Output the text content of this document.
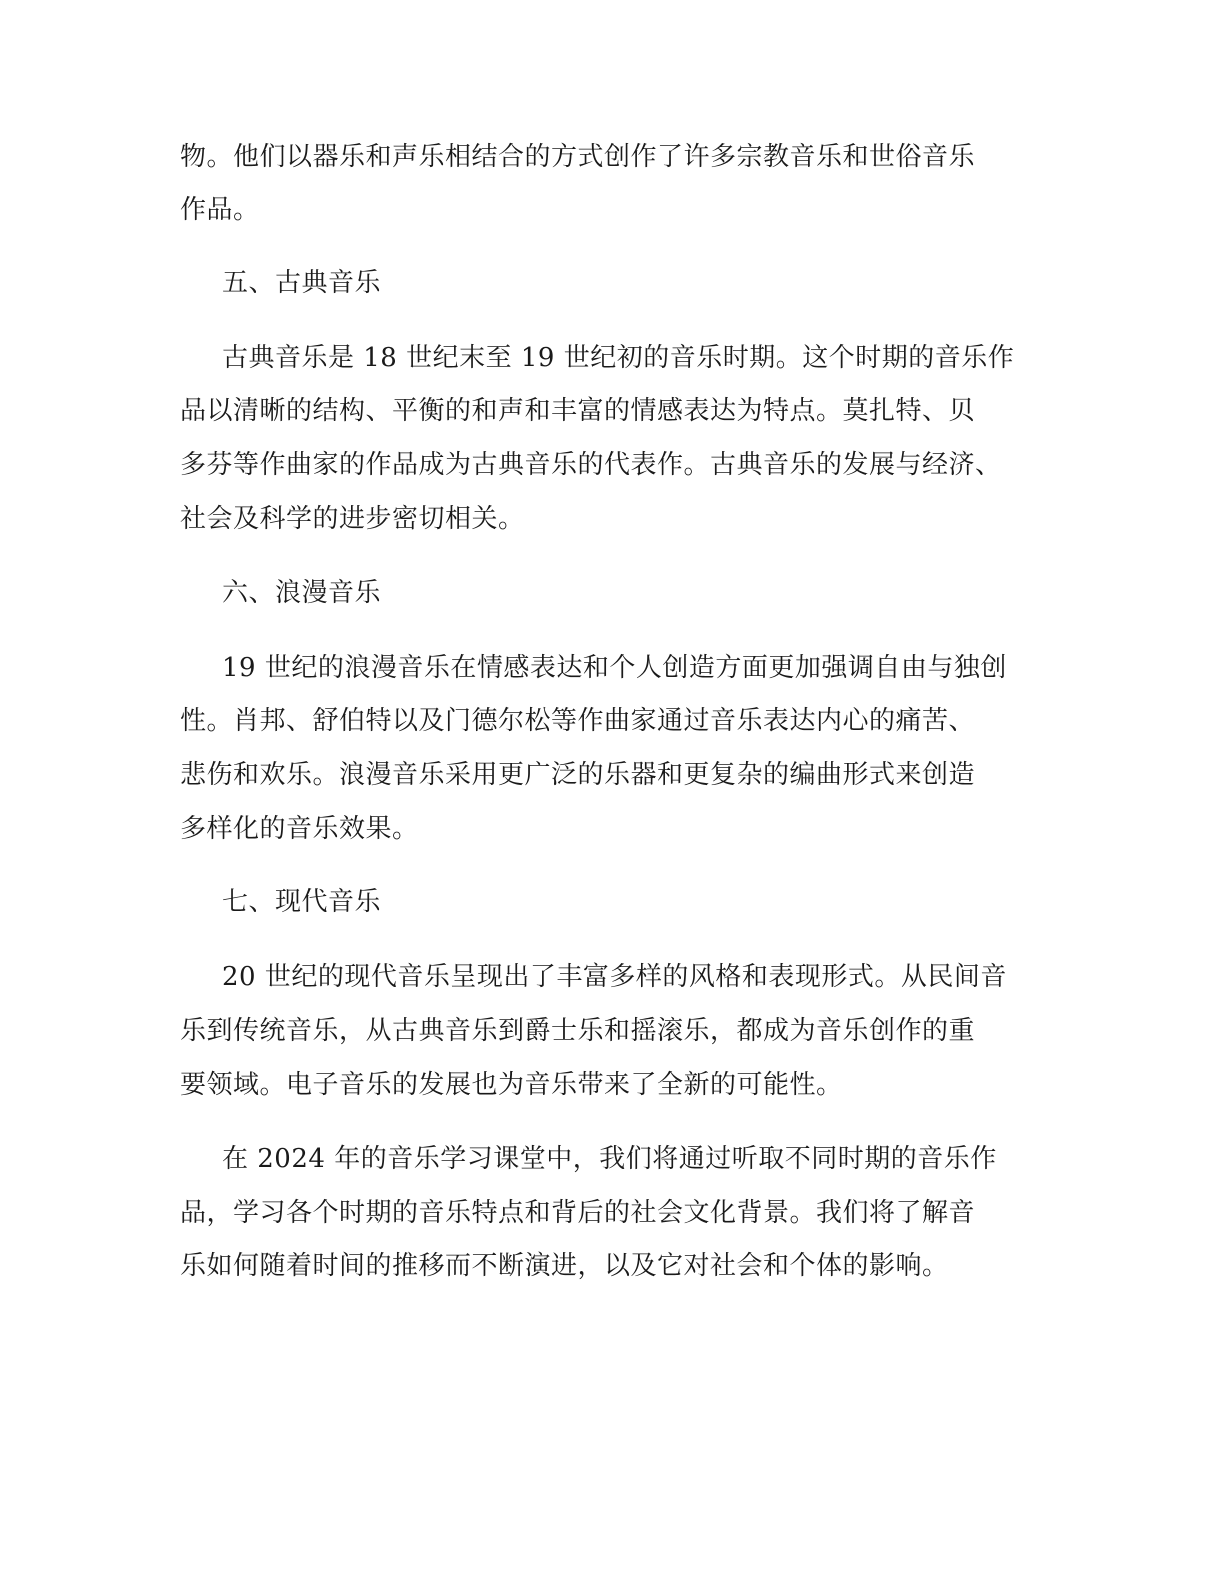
物。他们以器乐和声乐相结合的方式创作了许多宗教音乐和世俗音乐
作品。
五、古典音乐
古典音乐是 18 世纪末至 19 世纪初的音乐时期。这个时期的音乐作
品以清晰的结构、平衡的和声和丰富的情感表达为特点。莫扎特、贝
多芬等作曲家的作品成为古典音乐的代表作。古典音乐的发展与经济、
社会及科学的进步密切相关。
六、浪漫音乐
19 世纪的浪漫音乐在情感表达和个人创造方面更加强调自由与独创
性。肖邦、舒伯特以及门德尔松等作曲家通过音乐表达内心的痛苦、
悲伤和欢乐。浪漫音乐采用更广泛的乐器和更复杂的编曲形式来创造
多样化的音乐效果。
七、现代音乐
20 世纪的现代音乐呈现出了丰富多样的风格和表现形式。从民间音
乐到传统音乐，从古典音乐到爵士乐和摇滚乐，都成为音乐创作的重
要领域。电子音乐的发展也为音乐带来了全新的可能性。
在 2024 年的音乐学习课堂中，我们将通过听取不同时期的音乐作
品，学习各个时期的音乐特点和背后的社会文化背景。我们将了解音
乐如何随着时间的推移而不断演进，以及它对社会和个体的影响。
